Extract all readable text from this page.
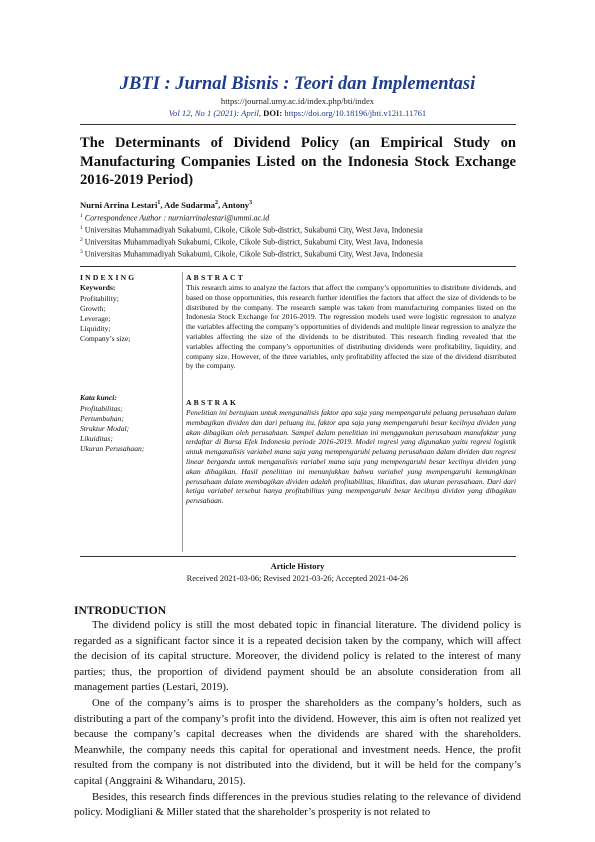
JBTI : Jurnal Bisnis : Teori dan Implementasi
https://journal.umy.ac.id/index.php/bti/index
Vol 12, No 1 (2021): April, DOI: https://doi.org/10.18196/jbti.v12i1.11761
The Determinants of Dividend Policy (an Empirical Study on Manufacturing Companies Listed on the Indonesia Stock Exchange 2016-2019 Period)
Nurni Arrina Lestari$^1$, Ade Sudarma$^2$, Antony$^3$
$^1$ Correspondence Author : nurniarrinalestari@ummi.ac.id
$^1$ Universitas Muhammadiyah Sukabumi, Cikole, Cikole Sub-district, Sukabumi City, West Java, Indonesia
$^2$ Universitas Muhammadiyah Sukabumi, Cikole, Cikole Sub-district, Sukabumi City, West Java, Indonesia
$^3$ Universitas Muhammadiyah Sukabumi, Cikole, Cikole Sub-district, Sukabumi City, West Java, Indonesia
INDEXING
Keywords:
Profitability;
Growth;
Leverage;
Liquidity;
Company’s size;
Kata kunci:
Profitabilitas;
Pertumbuhan;
Struktur Modal;
Likuiditas;
Ukuran Perusahaan;
ABSTRACT
This research aims to analyze the factors that affect the company’s opportunities to distribute dividends, and based on those opportunities, this research further identifies the factors that affect the size of dividends to be distributed by the company. The research sample was taken from manufacturing companies listed on the Indonesia Stock Exchange for 2016-2019. The regression models used were logistic regression to analyze the variables affecting the company’s opportunities of dividends and multiple linear regression to analyze the variables affecting the size of the dividends to be distributed. This research finding revealed that the variables affecting the company’s opportunities of distributing dividends were profitability, liquidity, and company size. However, of the three variables, only profitability affected the size of the dividend distributed by the company.
ABSTRAK
Penelitian ini bertujuan untuk menganalisis faktor apa saja yang mempengaruhi peluang perusahaan dalam membagikan dividen dan dari peluang itu, faktor apa saja yang mempengaruhi besar kecilnya dividen yang akan dibagikan oleh perusahaan. Sampel dalam penelitian ini menggunakan perusahaan manufaktur yang terdaftar di Bursa Efek Indonesia periode 2016-2019. Model regresi yang digunakan yaitu regresi logistik untuk menganalisis variabel mana saja yang mempengaruhi peluang perusahaan dalam dividen dan regresi linear berganda untuk menganalisis variabel mana saja yang mempengaruhi besar kecilnya dividen yang akan dibagikan. Hasil penelitian ini menunjukkan bahwa variabel yang mempengaruhi kemungkinan perusahaan dalam membagikan dividen adalah profitabilitas, likuiditas, dan ukuran perusahaan. Dari dari ketiga variabel tersebut hanya profitabilitas yang mempengaruhi besar kecilnya dividen yang dibagikan perusahaan.
Article History
Received 2021-03-06; Revised 2021-03-26; Accepted 2021-04-26
INTRODUCTION

The dividend policy is still the most debated topic in financial literature. The dividend policy is regarded as a significant factor since it is a repeated decision taken by the company, which will affect the decision of its capital structure. Moreover, the dividend policy is related to the interest of many parties; thus, the proportion of dividend payment should be an absolute consideration from all management parties (Lestari, 2019).

One of the company’s aims is to prosper the shareholders as the company’s holders, such as distributing a part of the company’s profit into the dividend. However, this aim is often not realized yet because the company’s capital decreases when the dividends are shared with the shareholders. Meanwhile, the company needs this capital for operational and investment needs. Hence, the profit resulted from the company is not distributed into the dividend, but it will be held for the company’s capital (Anggraini & Wihandaru, 2015).

Besides, this research finds differences in the previous studies relating to the relevance of dividend policy. Modigliani & Miller stated that the shareholder’s prosperity is not related to
